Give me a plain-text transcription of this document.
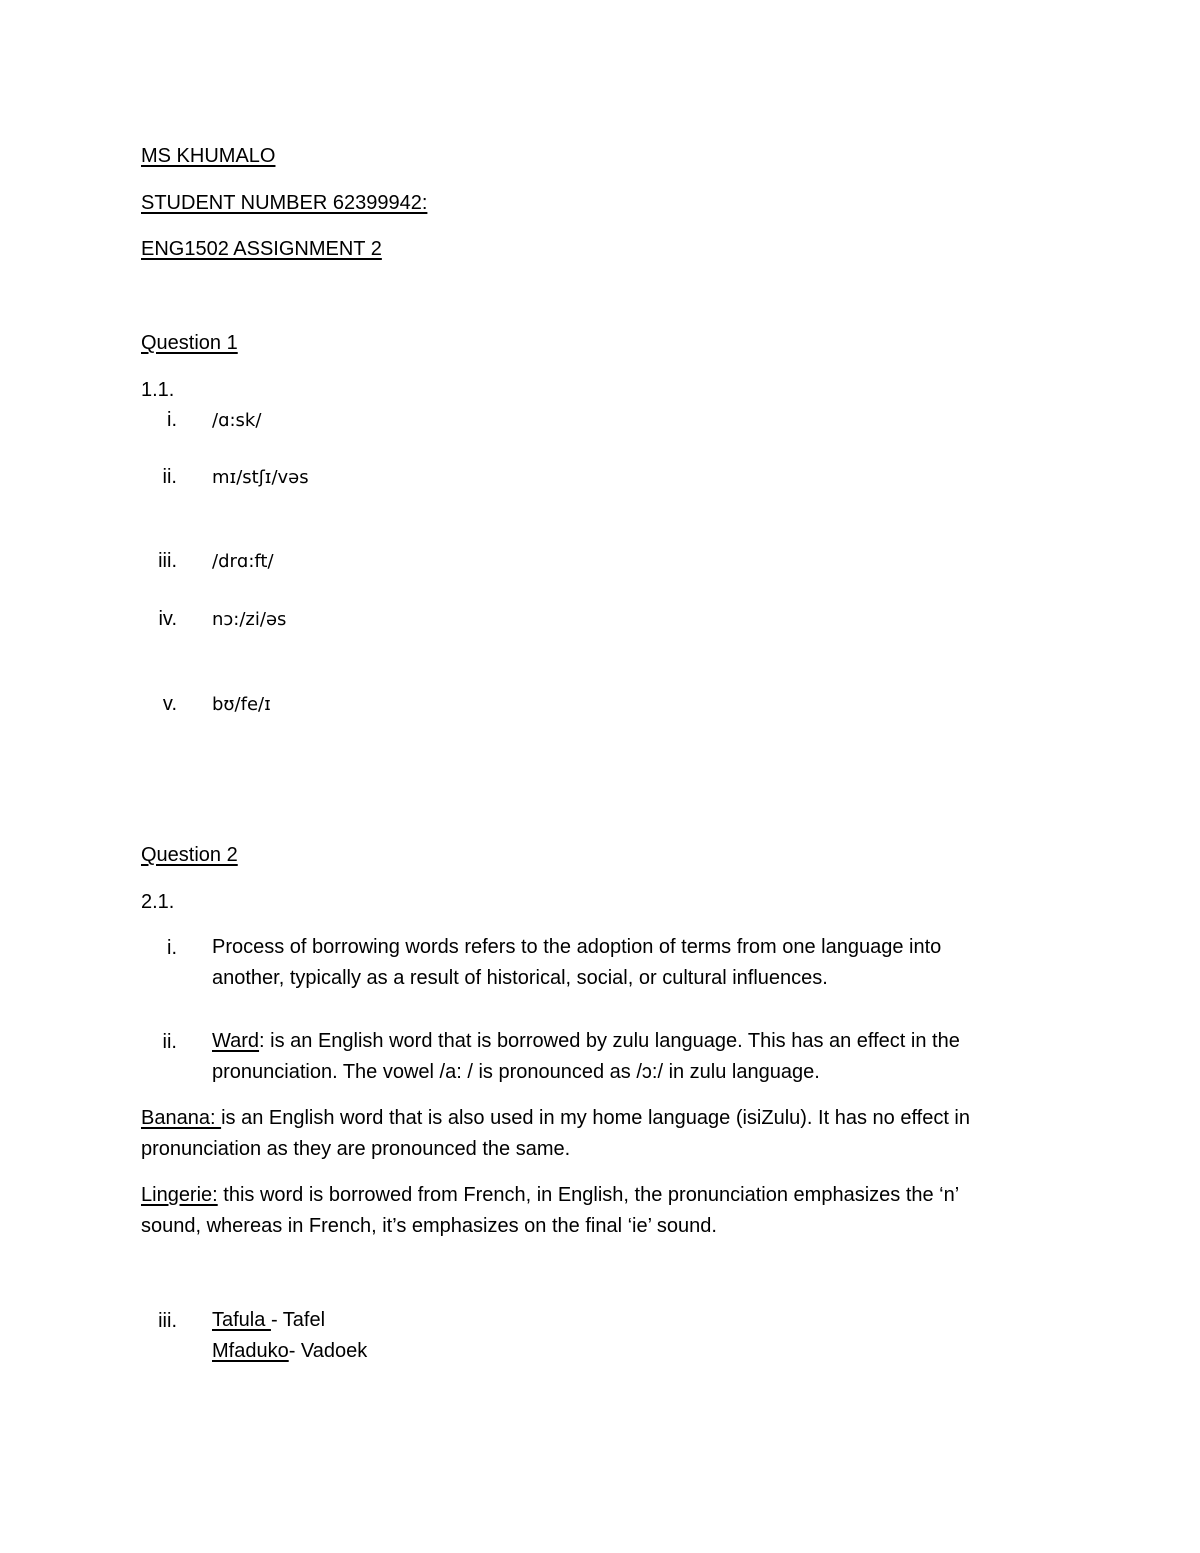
MS KHUMALO
STUDENT NUMBER 62399942:
ENG1502 ASSIGNMENT 2
Question 1
1.1.
i. /ɑ:sk/
ii. mɪ/stʃɪ/vəs
iii. /drɑ:ft/
iv. nɔ:/zi/əs
v. bʊ/fe/ɪ
Question 2
2.1.
i. Process of borrowing words refers to the adoption of terms from one language into
another, typically as a result of historical, social, or cultural influences.
ii. Ward: is an English word that is borrowed by zulu language. This has an effect in the
pronunciation. The vowel /a: / is pronounced as /ɔ:/ in zulu language.
Banana: is an English word that is also used in my home language (isiZulu). It has no effect in
pronunciation as they are pronounced the same.
Lingerie: this word is borrowed from French, in English, the pronunciation emphasizes the ‘n’
sound, whereas in French, it’s emphasizes on the final ‘ie’ sound.
iii. Tafula - Tafel
Mfaduko- Vadoek
